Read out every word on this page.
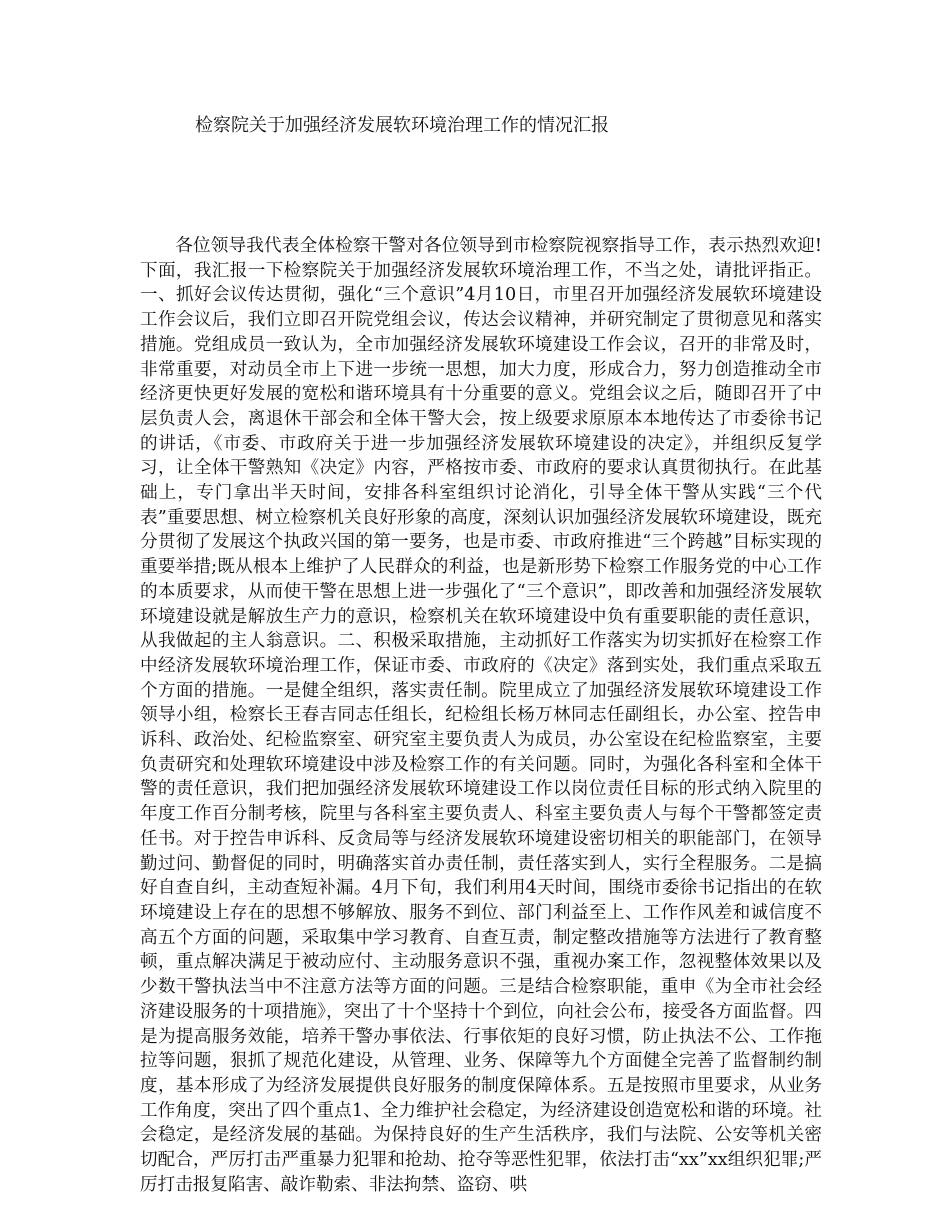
检察院关于加强经济发展软环境治理工作的情况汇报

各位领导我代表全体检察干警对各位领导到市检察院视察指导工作，表示热烈欢迎!下面，我汇报一下检察院关于加强经济发展软环境治理工作，不当之处，请批评指正。一、抓好会议传达贯彻，强化“三个意识”4月10日，市里召开加强经济发展软环境建设工作会议后，我们立即召开院党组会议，传达会议精神，并研究制定了贯彻意见和落实措施。党组成员一致认为，全市加强经济发展软环境建设工作会议，召开的非常及时，非常重要，对动员全市上下进一步统一思想，加大力度，形成合力，努力创造推动全市经济更快更好发展的宽松和谐环境具有十分重要的意义。党组会议之后，随即召开了中层负责人会，离退休干部会和全体干警大会，按上级要求原原本本地传达了市委徐书记的讲话，《市委、市政府关于进一步加强经济发展软环境建设的决定》，并组织反复学习，让全体干警熟知《决定》内容，严格按市委、市政府的要求认真贯彻执行。在此基础上，专门拿出半天时间，安排各科室组织讨论消化，引导全体干警从实践“三个代表”重要思想、树立检察机关良好形象的高度，深刻认识加强经济发展软环境建设，既充分贯彻了发展这个执政兴国的第一要务，也是市委、市政府推进“三个跨越”目标实现的重要举措;既从根本上维护了人民群众的利益，也是新形势下检察工作服务党的中心工作的本质要求，从而使干警在思想上进一步强化了“三个意识”，即改善和加强经济发展软环境建设就是解放生产力的意识，检察机关在软环境建设中负有重要职能的责任意识，从我做起的主人翁意识。二、积极采取措施，主动抓好工作落实为切实抓好在检察工作中经济发展软环境治理工作，保证市委、市政府的《决定》落到实处，我们重点采取五个方面的措施。一是健全组织，落实责任制。院里成立了加强经济发展软环境建设工作领导小组，检察长王春吉同志任组长，纪检组长杨万林同志任副组长，办公室、控告申诉科、政治处、纪检监察室、研究室主要负责人为成员，办公室设在纪检监察室，主要负责研究和处理软环境建设中涉及检察工作的有关问题。同时，为强化各科室和全体干警的责任意识，我们把加强经济发展软环境建设工作以岗位责任目标的形式纳入院里的年度工作百分制考核，院里与各科室主要负责人、科室主要负责人与每个干警都签定责任书。对于控告申诉科、反贪局等与经济发展软环境建设密切相关的职能部门，在领导勤过问、勤督促的同时，明确落实首办责任制，责任落实到人，实行全程服务。二是搞好自查自纠，主动查短补漏。4月下旬，我们利用4天时间，围绕市委徐书记指出的在软环境建设上存在的思想不够解放、服务不到位、部门利益至上、工作作风差和诚信度不高五个方面的问题，采取集中学习教育、自查互责，制定整改措施等方法进行了教育整顿，重点解决满足于被动应付、主动服务意识不强，重视办案工作，忽视整体效果以及少数干警执法当中不注意方法等方面的问题。三是结合检察职能，重申《为全市社会经济建设服务的十项措施》，突出了十个坚持十个到位，向社会公布，接受各方面监督。四是为提高服务效能，培养干警办事依法、行事依矩的良好习惯，防止执法不公、工作拖拉等问题，狠抓了规范化建设，从管理、业务、保障等九个方面健全完善了监督制约制度，基本形成了为经济发展提供良好服务的制度保障体系。五是按照市里要求，从业务工作角度，突出了四个重点1、全力维护社会稳定，为经济建设创造宽松和谐的环境。社会稳定，是经济发展的基础。为保持良好的生产生活秩序，我们与法院、公安等机关密切配合，严厉打击严重暴力犯罪和抢劫、抢夺等恶性犯罪，依法打击“xx”xx组织犯罪;严厉打击报复陷害、敲诈勒索、非法拘禁、盗窃、哄
